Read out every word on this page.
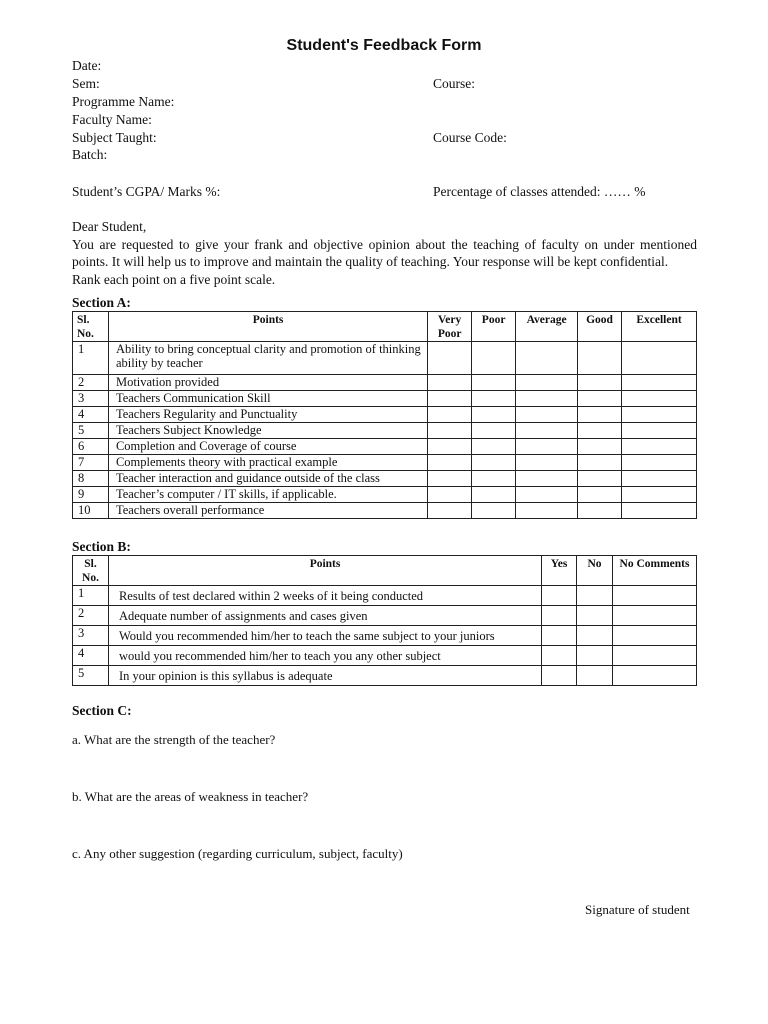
Student's Feedback Form
Date:
Sem:	Course:
Programme Name:
Faculty Name:
Subject Taught:	Course Code:
Batch:
Student’s CGPA/ Marks %:	Percentage of classes attended: …… %

Dear Student,

You are requested to give your frank and objective opinion about the teaching of faculty on under mentioned points. It will help us to improve and maintain the quality of teaching. Your response will be kept confidential.

Rank each point on a five point scale.

Section A:
Sl. No.	Points	Very Poor	Poor	Average	Good	Excellent
1	Ability to bring conceptual clarity and promotion of thinking ability by teacher					
2	Motivation provided					
3	Teachers Communication Skill					
4	Teachers Regularity and Punctuality					
5	Teachers Subject Knowledge					
6	Completion and Coverage of course					
7	Complements theory with practical example					
8	Teacher interaction and guidance outside of the class					
9	Teacher’s computer / IT skills, if applicable.					
10	Teachers overall performance					
Section B:
Sl. No.	Points	Yes	No	No Comments
1	Results of test declared within 2 weeks of it being conducted			
2	Adequate number of assignments and cases given			
3	Would you recommended him/her to teach the same subject to your juniors			
4	would you recommended him/her to teach you any other subject			
5	In your opinion is this syllabus is adequate			
Section C:
a. What are the strength of the teacher?
b. What are the areas of weakness in teacher?
c. Any other suggestion (regarding curriculum, subject, faculty)
Signature of student
